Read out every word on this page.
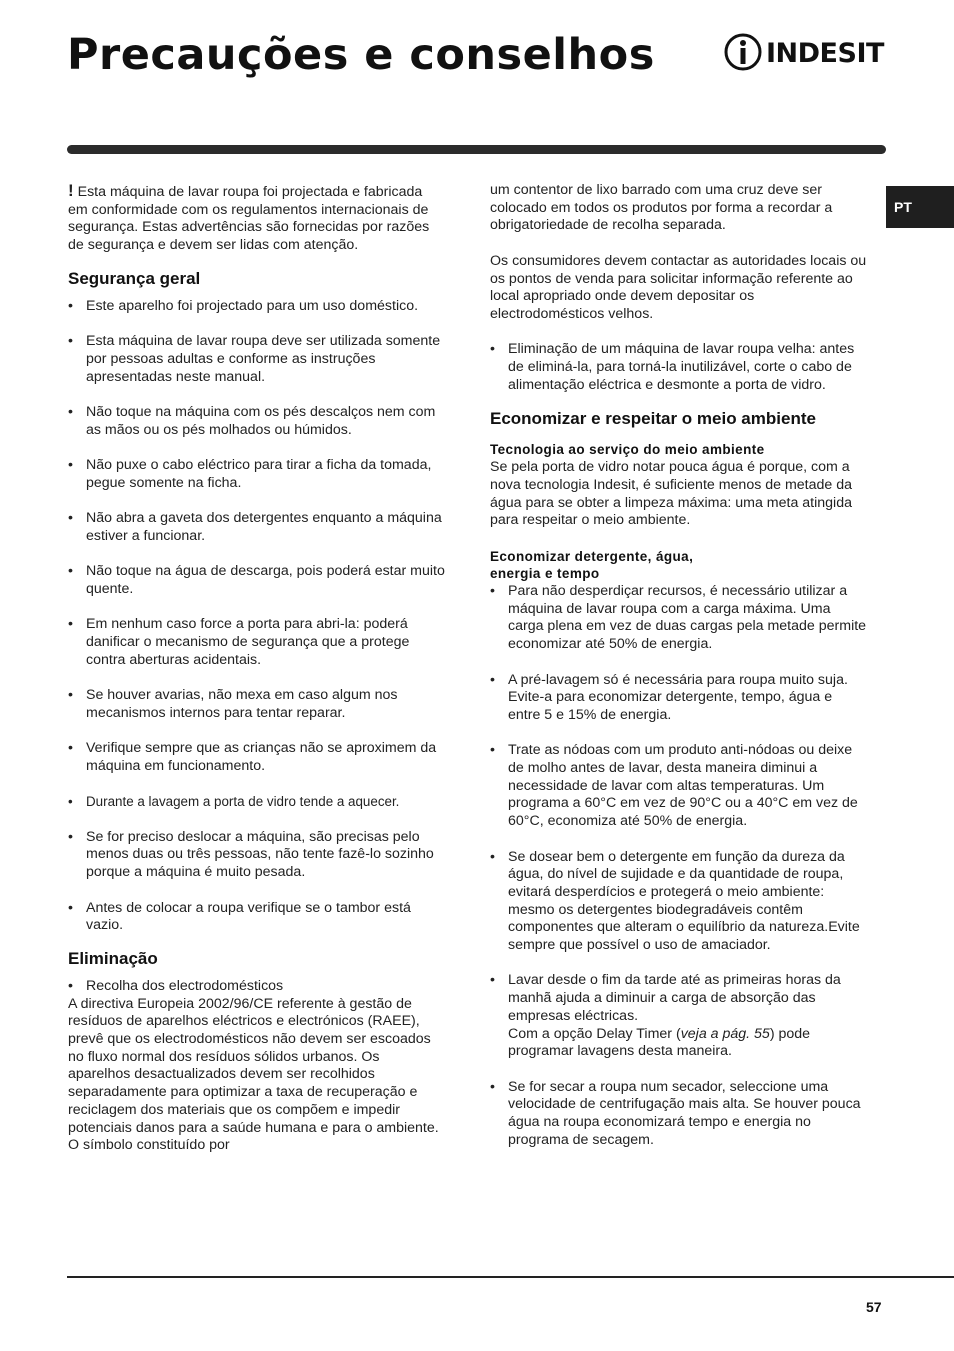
Precauções e conselhos	INDESIT
PT

! Esta máquina de lavar roupa foi projectada e fabricada em conformidade com os regulamentos internacionais de segurança. Estas advertências são fornecidas por razões de segurança e devem ser lidas com atenção.

Segurança geral
• Este aparelho foi projectado para um uso doméstico.
• Esta máquina de lavar roupa deve ser utilizada somente por pessoas adultas e conforme as instruções apresentadas neste manual.
• Não toque na máquina com os pés descalços nem com as mãos ou os pés molhados ou húmidos.
• Não puxe o cabo eléctrico para tirar a ficha da tomada, pegue somente na ficha.
• Não abra a gaveta dos detergentes enquanto a máquina estiver a funcionar.
• Não toque na água de descarga, pois poderá estar muito quente.
• Em nenhum caso force a porta para abri-la: poderá danificar o mecanismo de segurança que a protege contra aberturas acidentais.
• Se houver avarias, não mexa em caso algum nos mecanismos internos para tentar reparar.
• Verifique sempre que as crianças não se aproximem da máquina em funcionamento.
• Durante a lavagem a porta de vidro tende a aquecer.
• Se for preciso deslocar a máquina, são precisas pelo menos duas ou três pessoas, não tente fazê-lo sozinho porque a máquina é muito pesada.
• Antes de colocar a roupa verifique se o tambor está vazio.
Eliminação
• Recolha dos electrodomésticos

A directiva Europeia 2002/96/CE referente à gestão de resíduos de aparelhos eléctricos e electrónicos (RAEE), prevê que os electrodomésticos não devem ser escoados no fluxo normal dos resíduos sólidos urbanos. Os aparelhos desactualizados devem ser recolhidos separadamente para optimizar a taxa de recuperação e reciclagem dos materiais que os compõem e impedir potenciais danos para a saúde humana e para o ambiente. O símbolo constituído por

um contentor de lixo barrado com uma cruz deve ser colocado em todos os produtos por forma a recordar a obrigatoriedade de recolha separada.

Os consumidores devem contactar as autoridades locais ou os pontos de venda para solicitar informação referente ao local apropriado onde devem depositar os electrodomésticos velhos.

• Eliminação de um máquina de lavar roupa velha: antes de eliminá-la, para torná-la inutilizável, corte o cabo de alimentação eléctrica e desmonte a porta de vidro.
Economizar e respeitar o meio ambiente
Tecnologia ao serviço do meio ambiente

Se pela porta de vidro notar pouca água é porque, com a nova tecnologia Indesit, é suficiente menos de metade da água para se obter a limpeza máxima: uma meta atingida para respeitar o meio ambiente.

Economizar detergente, água,
energia e tempo
• Para não desperdiçar recursos, é necessário utilizar a máquina de lavar roupa com a carga máxima. Uma carga plena em vez de duas cargas pela metade permite economizar até 50% de energia.
• A pré-lavagem só é necessária para roupa muito suja. Evite-a para economizar detergente, tempo, água e entre 5 e 15% de energia.
• Trate as nódoas com um produto anti-nódoas ou deixe de molho antes de lavar, desta maneira diminui a necessidade de lavar com altas temperaturas. Um programa a 60°C em vez de 90°C ou a 40°C em vez de 60°C, economiza até 50% de energia.
• Se dosear bem o detergente em função da dureza da água, do nível de sujidade e da quantidade de roupa, evitará desperdícios e protegerá o meio ambiente: mesmo os detergentes biodegradáveis contêm componentes que alteram o equilíbrio da natureza.Evite sempre que possível o uso de amaciador.
• Lavar desde o fim da tarde até as primeiras horas da manhã ajuda a diminuir a carga de absorção das empresas eléctricas.
Com a opção Delay Timer (veja a pág. 55) pode programar lavagens desta maneira.
• Se for secar a roupa num secador, seleccione uma velocidade de centrifugação mais alta. Se houver pouca água na roupa economizará tempo e energia no programa de secagem.
57
